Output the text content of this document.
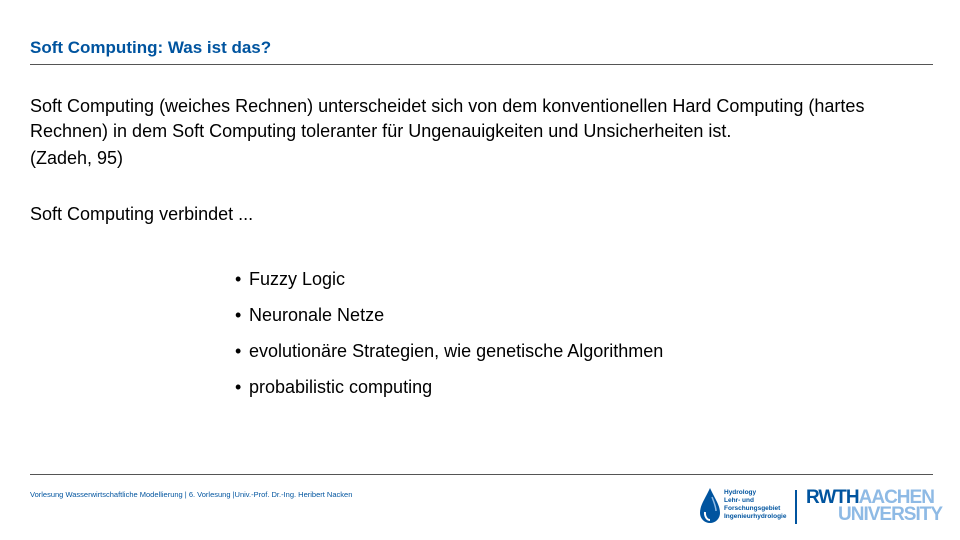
Soft Computing: Was ist das?
Soft Computing (weiches Rechnen) unterscheidet sich von dem konventionellen Hard Computing (hartes Rechnen) in dem Soft Computing toleranter für Ungenauigkeiten und Unsicherheiten ist.
(Zadeh, 95)
Soft Computing verbindet ...
• Fuzzy Logic
• Neuronale Netze
• evolutionäre Strategien, wie genetische Algorithmen
• probabilistic computing
Vorlesung Wasserwirtschaftliche Modellierung | 6. Vorlesung |Univ.-Prof. Dr.-Ing. Heribert Nacken	Hydrology
Lehr- und
Forschungsgebiet
Ingenieurhydrologie
RWTHAACHEN
UNIVERSITY
